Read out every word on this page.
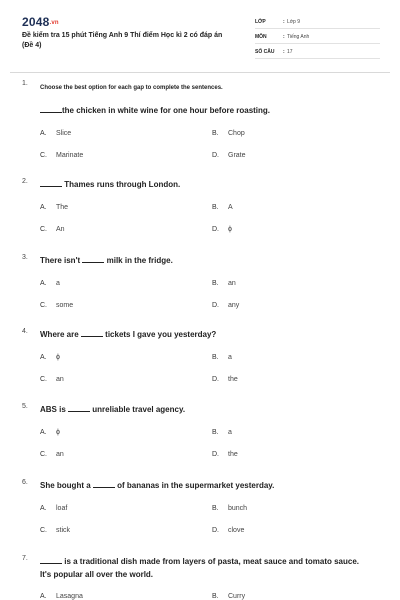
2048.vn
Đề kiểm tra 15 phút Tiếng Anh 9 Thí điểm Học kì 2 có đáp án (Đề 4)
LỚP	: Lớp 9
MÔN	: Tiếng Anh
SỐ CÂU	: 17
1.
Choose the best option for each gap to complete the sentences.
the chicken in white wine for one hour before roasting.
A. Slice	B. Chop
C. Marinate	D. Grate
2.	Thames runs through London.
A. The	B. A
C. An	D. ϕ
3. There isn't	milk in the fridge.
A. a	B. an
C. some	D. any
4. Where are	tickets I gave you yesterday?
A. ϕ	B. a
C. an	D. the
5. ABS is	unreliable travel agency.
A. ϕ	B. a
C. an	D. the
6. She bought a	of bananas in the supermarket yesterday.
A. loaf	B. bunch
C. stick	D. clove
7.	is a traditional dish made from layers of pasta, meat sauce and tomato sauce. It's popular all over the world.
A. Lasagna	B. Curry
